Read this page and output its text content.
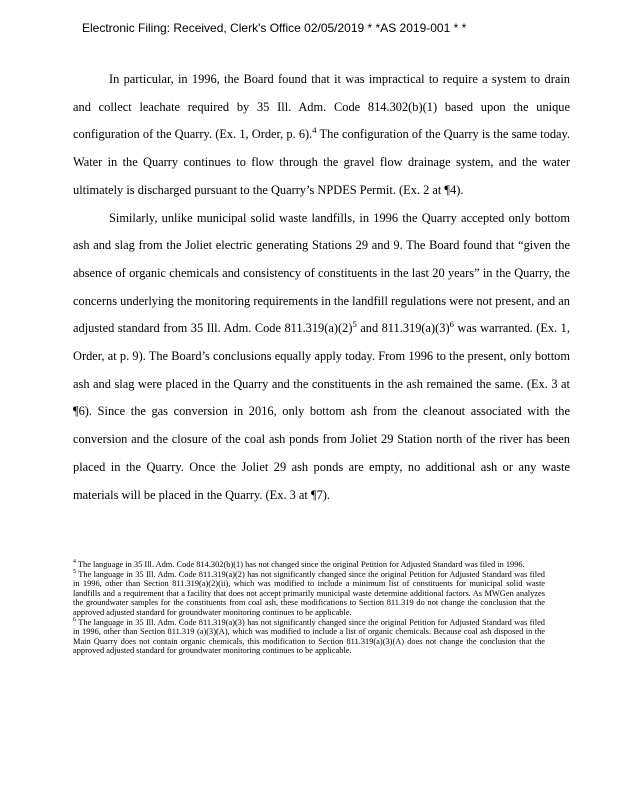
Electronic Filing: Received, Clerk's Office 02/05/2019 * *AS 2019-001 * *

In particular, in 1996, the Board found that it was impractical to require a system to drain and collect leachate required by 35 Ill. Adm. Code 814.302(b)(1) based upon the unique configuration of the Quarry. (Ex. 1, Order, p. 6).$^4$ The configuration of the Quarry is the same today. Water in the Quarry continues to flow through the gravel flow drainage system, and the water ultimately is discharged pursuant to the Quarry’s NPDES Permit. (Ex. 2 at ¶4).

Similarly, unlike municipal solid waste landfills, in 1996 the Quarry accepted only bottom ash and slag from the Joliet electric generating Stations 29 and 9. The Board found that “given the absence of organic chemicals and consistency of constituents in the last 20 years” in the Quarry, the concerns underlying the monitoring requirements in the landfill regulations were not present, and an adjusted standard from 35 Ill. Adm. Code $811.319(a)(2)^5$ and $811.319(a)(3)^6$ was warranted. (Ex. 1, Order, at p. 9). The Board’s conclusions equally apply today. From 1996 to the present, only bottom ash and slag were placed in the Quarry and the constituents in the ash remained the same. (Ex. 3 at ¶6). Since the gas conversion in 2016, only bottom ash from the cleanout associated with the conversion and the closure of the coal ash ponds from Joliet 29 Station north of the river has been placed in the Quarry. Once the Joliet 29 ash ponds are empty, no additional ash or any waste materials will be placed in the Quarry. (Ex. 3 at ¶7).

$^4$ The language in 35 Ill. Adm. Code 814.302(b)(1) has not changed since the original Petition for Adjusted Standard was filed in 1996.

$^5$ The language in 35 Ill. Adm. Code 811.319(a)(2) has not significantly changed since the original Petition for Adjusted Standard was filed in 1996, other than Section 811.319(a)(2)(ii), which was modified to include a minimum list of constituents for municipal solid waste landfills and a requirement that a facility that does not accept primarily municipal waste determine additional factors. As MWGen analyzes the groundwater samples for the constituents from coal ash, these modifications to Section 811.319 do not change the conclusion that the approved adjusted standard for groundwater monitoring continues to be applicable.

$^6$ The language in 35 Ill. Adm. Code 811.319(a)(3) has not significantly changed since the original Petition for Adjusted Standard was filed in 1996, other than Section 811.319 (a)(3)(A), which was modified to include a list of organic chemicals. Because coal ash disposed in the Main Quarry does not contain organic chemicals, this modification to Section 811.319(a)(3)(A) does not change the conclusion that the approved adjusted standard for groundwater monitoring continues to be applicable.
